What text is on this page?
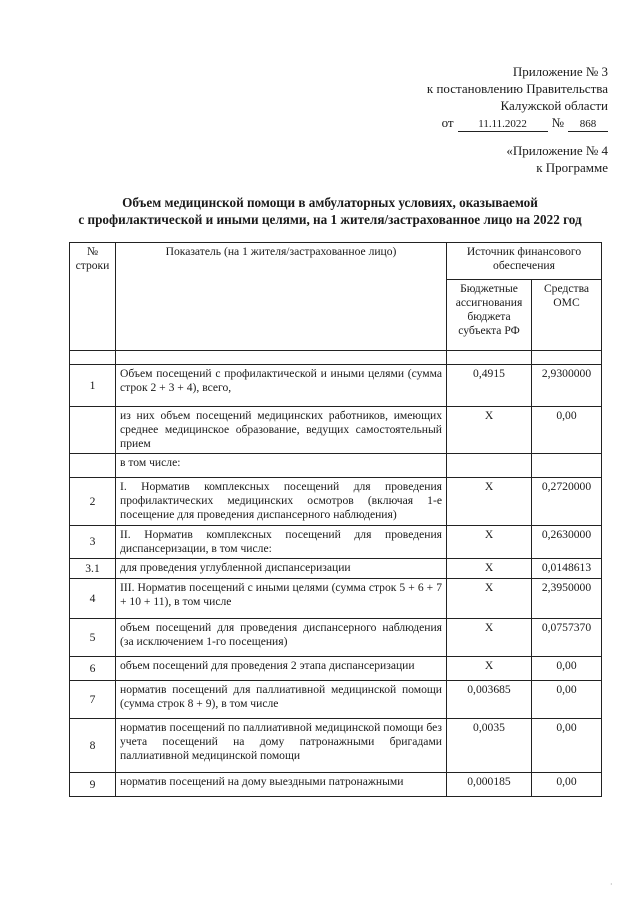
Приложение № 3
к постановлению Правительства
Калужской области
от	11.11.2022	№	868
«Приложение № 4
к Программе
Объем медицинской помощи в амбулаторных условиях, оказываемой
с профилактической и иными целями, на 1 жителя/застрахованное лицо на 2022 год
№ строки	Показатель (на 1 жителя/застрахованное лицо)	Источник финансового обеспечения	
		Бюджетные ассигнования бюджета субъекта РФ	Средства ОМС

1	Объем посещений с профилактической и иными целями (сумма строк 2 + 3 + 4), всего,	0,4915	2,9300000
	из них объем посещений медицинских работников, имеющих среднее медицинское образование, ведущих самостоятельный прием	X	0,00
	в том числе:		
2	I. Норматив комплексных посещений для проведения профилактических медицинских осмотров (включая 1-е посещение для проведения диспансерного наблюдения)	X	0,2720000
3	II. Норматив комплексных посещений для проведения диспансеризации, в том числе:	X	0,2630000
3.1	для проведения углубленной диспансеризации	X	0,0148613
4	III. Норматив посещений с иными целями (сумма строк 5 + 6 + 7 + 10 + 11), в том числе	X	2,3950000
5	объем посещений для проведения диспансерного наблюдения (за исключением 1-го посещения)	X	0,0757370
6	объем посещений для проведения 2 этапа диспансеризации	X	0,00
7	норматив посещений для паллиативной медицинской помощи (сумма строк 8 + 9), в том числе	0,003685	0,00
8	норматив посещений по паллиативной медицинской помощи без учета посещений на дому патронажными бригадами паллиативной медицинской помощи	0,0035	0,00
9	норматив посещений на дому выездными патронажными	0,000185	0,00
·
